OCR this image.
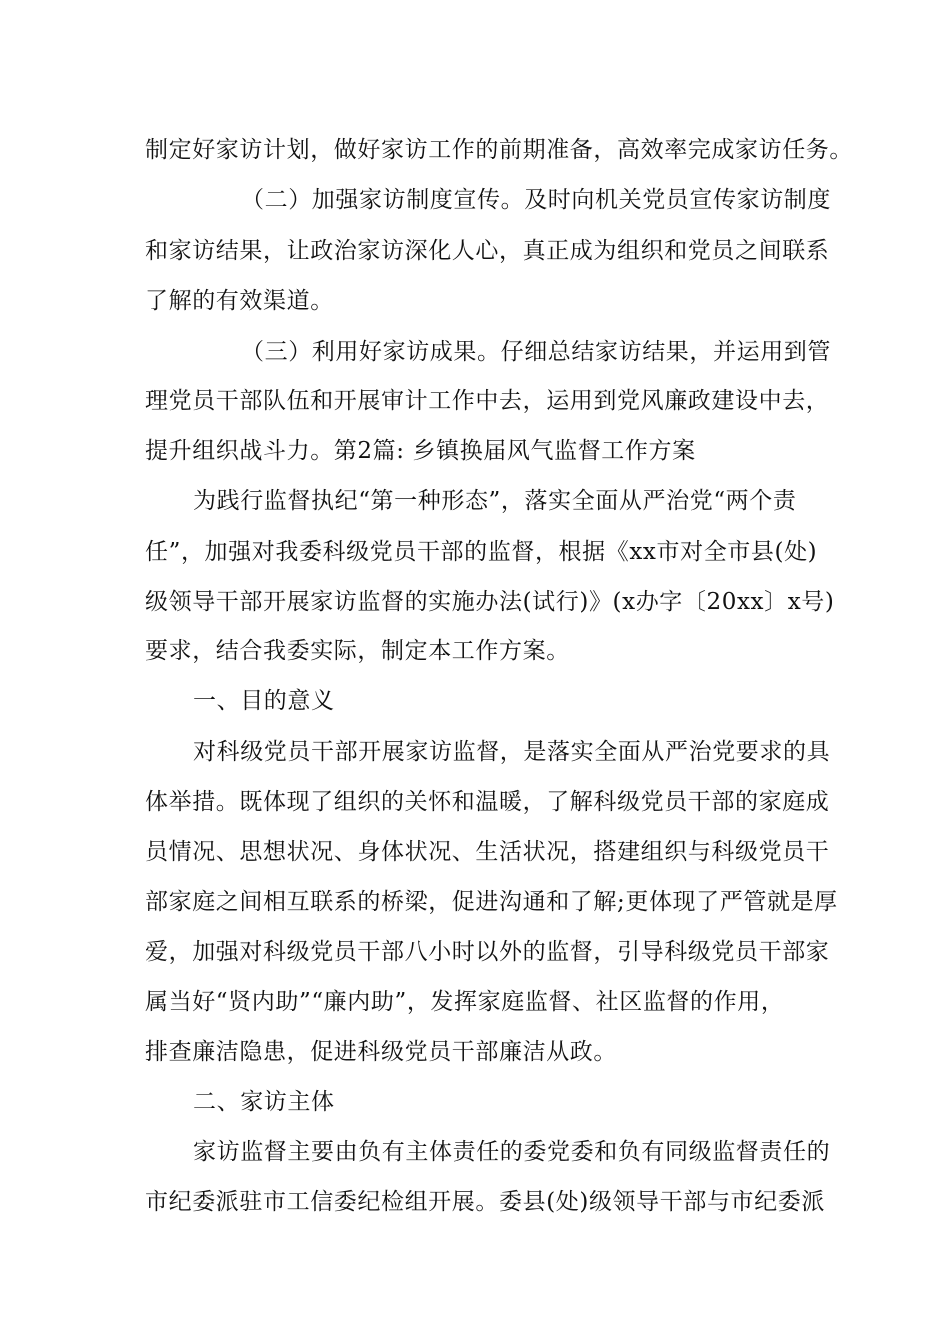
制定好家访计划，做好家访工作的前期准备，高效率完成家访任务。
（二）加强家访制度宣传。及时向机关党员宣传家访制度
和家访结果，让政治家访深化人心，真正成为组织和党员之间联系
了解的有效渠道。
（三）利用好家访成果。仔细总结家访结果，并运用到管
理党员干部队伍和开展审计工作中去，运用到党风廉政建设中去，
提升组织战斗力。第2篇: 乡镇换届风气监督工作方案
为践行监督执纪“第一种形态”，落实全面从严治党“两个责
任”，加强对我委科级党员干部的监督，根据《xx市对全市县(处)
级领导干部开展家访监督的实施办法(试行)》(x办字〔20xx〕x号)
要求，结合我委实际，制定本工作方案。
一、目的意义
对科级党员干部开展家访监督，是落实全面从严治党要求的具
体举措。既体现了组织的关怀和温暖，了解科级党员干部的家庭成
员情况、思想状况、身体状况、生活状况，搭建组织与科级党员干
部家庭之间相互联系的桥梁，促进沟通和了解;更体现了严管就是厚
爱，加强对科级党员干部八小时以外的监督，引导科级党员干部家
属当好“贤内助”“廉内助”，发挥家庭监督、社区监督的作用，
排查廉洁隐患，促进科级党员干部廉洁从政。
二、家访主体
家访监督主要由负有主体责任的委党委和负有同级监督责任的
市纪委派驻市工信委纪检组开展。委县(处)级领导干部与市纪委派
